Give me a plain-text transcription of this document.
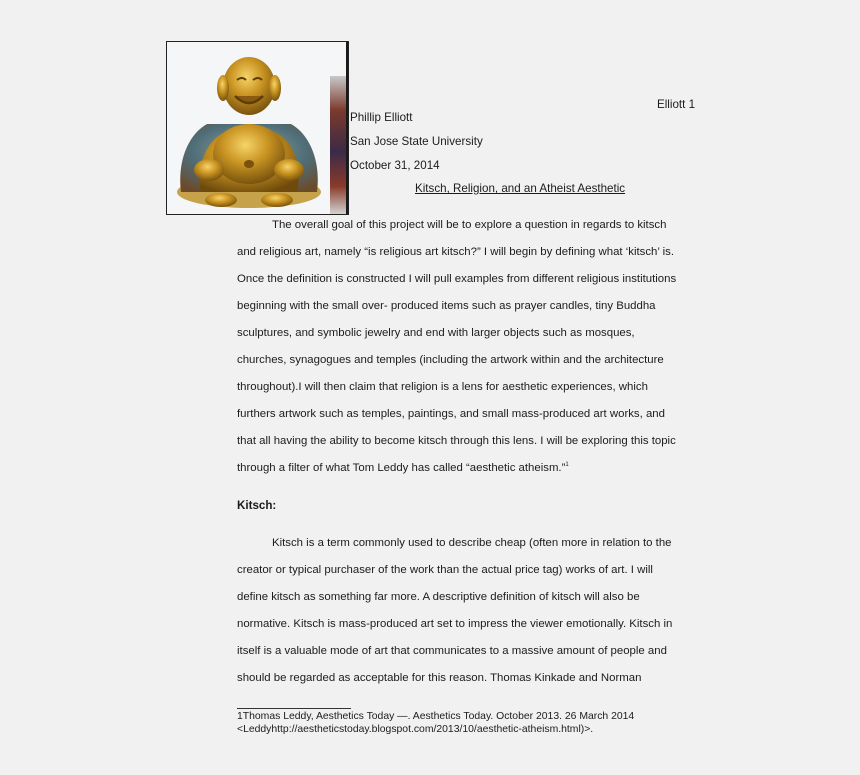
Elliott 1
Phillip Elliott
San Jose State University
October 31, 2014
Kitsch, Religion, and an Atheist Aesthetic
The overall goal of this project will be to explore a question in regards to kitsch
and religious art, namely “is religious art kitsch?” I will begin by defining what ‘kitsch’ is.
Once the definition is constructed I will pull examples from different religious institutions
beginning with the small over- produced items such as prayer candles, tiny Buddha
sculptures, and symbolic jewelry and end with larger objects such as mosques,
churches, synagogues and temples (including the artwork within and the architecture
throughout).I will then claim that religion is a lens for aesthetic experiences, which
furthers artwork such as temples, paintings, and small mass-produced art works, and
that all having the ability to become kitsch through this lens. I will be exploring this topic
through a filter of what Tom Leddy has called “aesthetic atheism.”$^1$
Kitsch:
Kitsch is a term commonly used to describe cheap (often more in relation to the
creator or typical purchaser of the work than the actual price tag) works of art. I will
define kitsch as something far more. A descriptive definition of kitsch will also be
normative. Kitsch is mass-produced art set to impress the viewer emotionally. Kitsch in
itself is a valuable mode of art that communicates to a massive amount of people and
should be regarded as acceptable for this reason. Thomas Kinkade and Norman
1Thomas Leddy, Aesthetics Today —. Aesthetics Today. October 2013. 26 March 2014
<Leddyhttp://aestheticstoday.blogspot.com/2013/10/aesthetic-atheism.html)>.
